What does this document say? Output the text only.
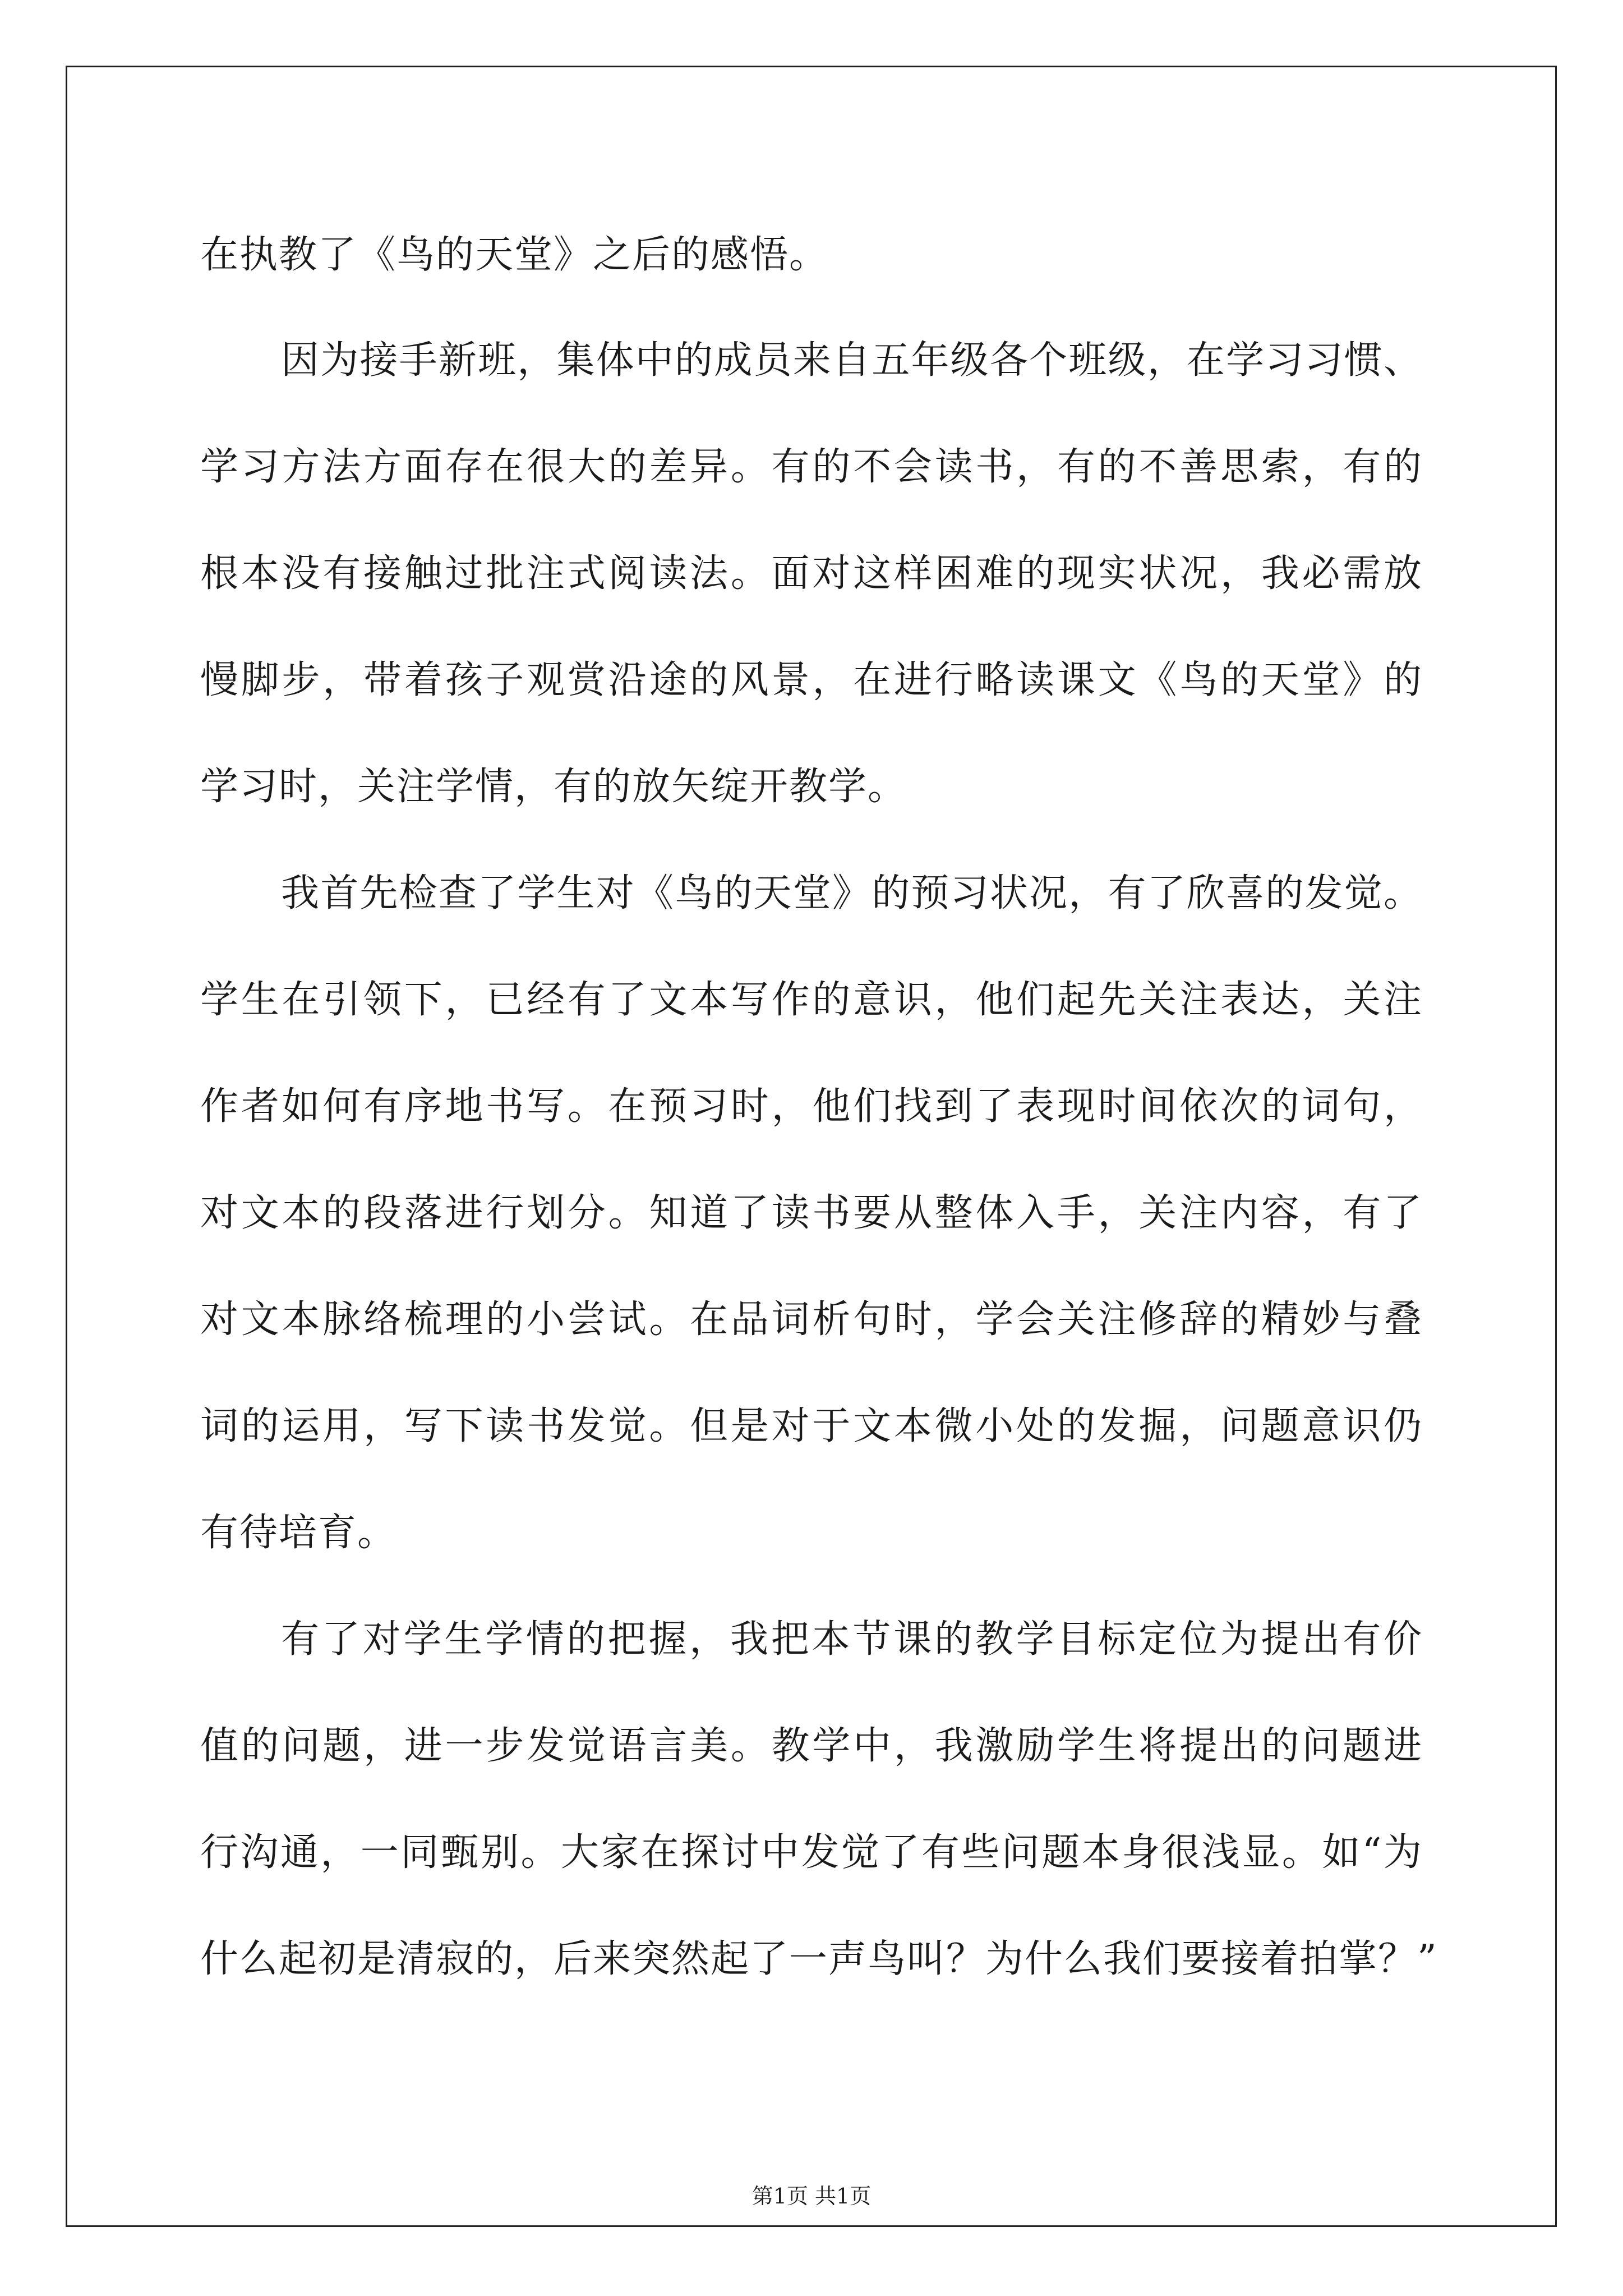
在执教了《鸟的天堂》之后的感悟。
因为接手新班，集体中的成员来自五年级各个班级，在学习习惯、
学习方法方面存在很大的差异。有的不会读书，有的不善思索，有的
根本没有接触过批注式阅读法。面对这样困难的现实状况，我必需放
慢脚步，带着孩子观赏沿途的风景，在进行略读课文《鸟的天堂》的
学习时，关注学情，有的放矢绽开教学。
我首先检查了学生对《鸟的天堂》的预习状况，有了欣喜的发觉。
学生在引领下，已经有了文本写作的意识，他们起先关注表达，关注
作者如何有序地书写。在预习时，他们找到了表现时间依次的词句，
对文本的段落进行划分。知道了读书要从整体入手，关注内容，有了
对文本脉络梳理的小尝试。在品词析句时，学会关注修辞的精妙与叠
词的运用，写下读书发觉。但是对于文本微小处的发掘，问题意识仍
有待培育。
有了对学生学情的把握，我把本节课的教学目标定位为提出有价
值的问题，进一步发觉语言美。教学中，我激励学生将提出的问题进
行沟通，一同甄别。大家在探讨中发觉了有些问题本身很浅显。如“为
什么起初是清寂的，后来突然起了一声鸟叫？为什么我们要接着拍掌？”
第1页 共1页
